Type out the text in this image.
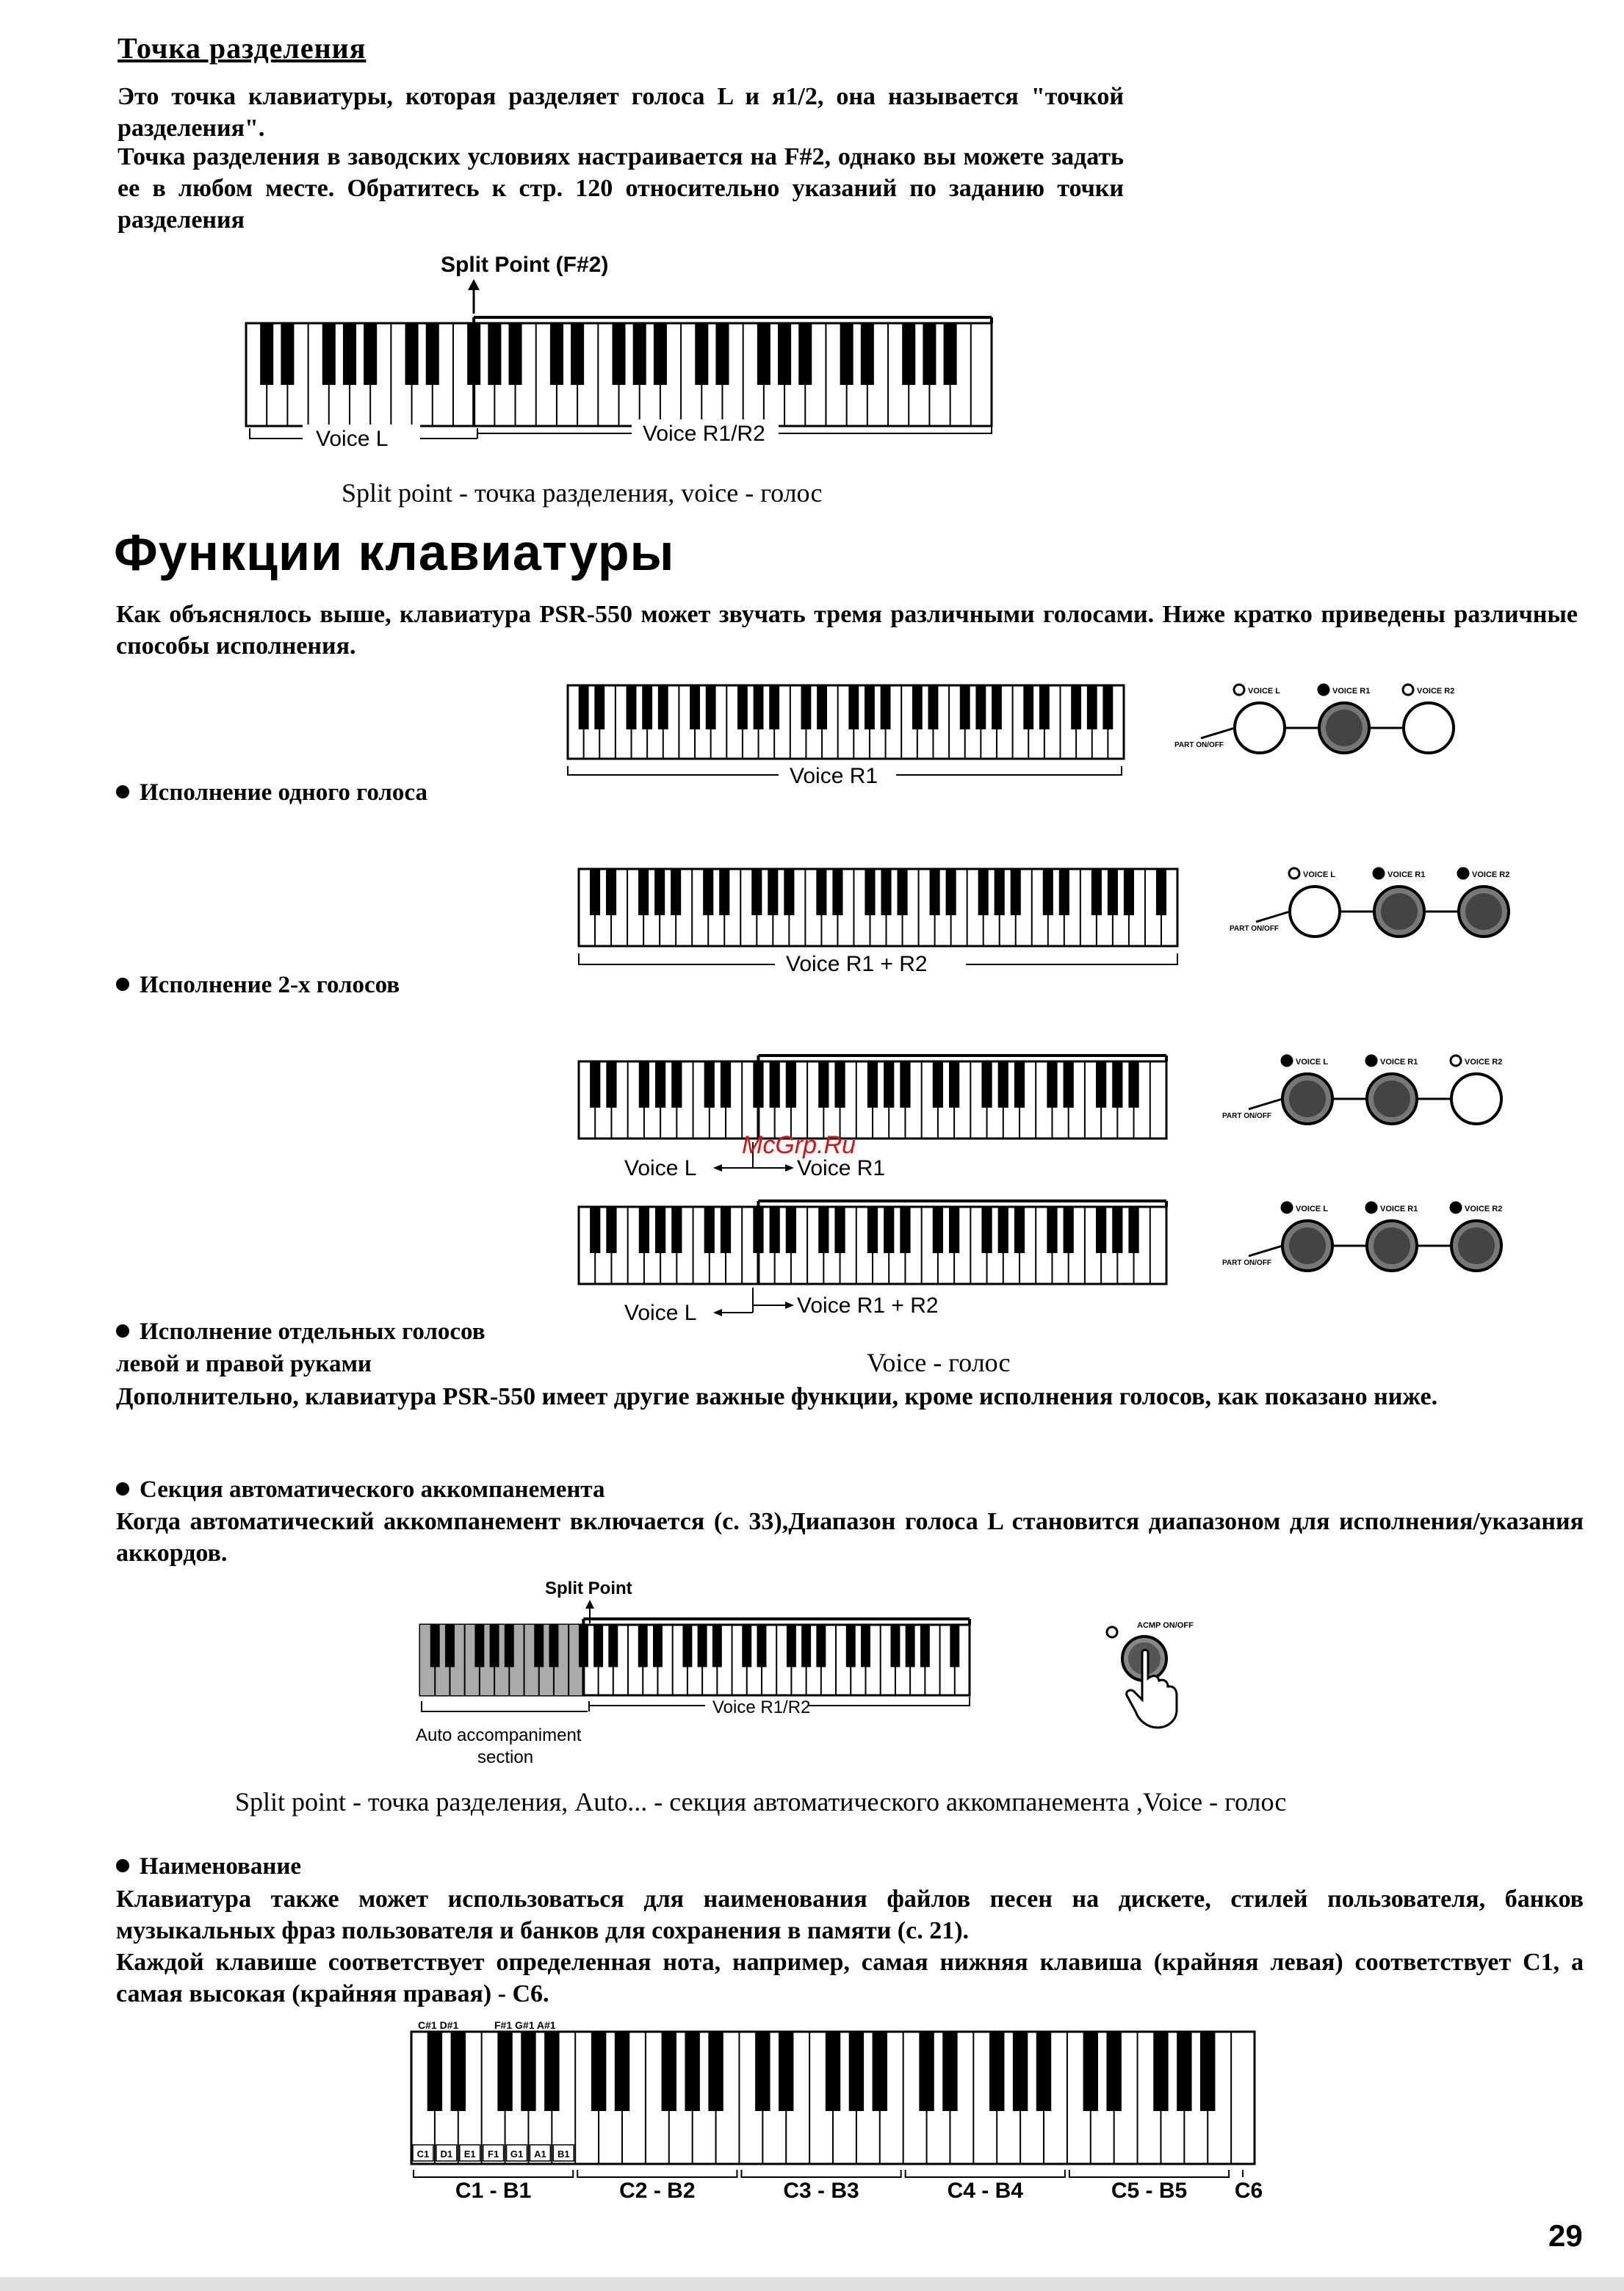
Точка разделения
Это точка клавиатуры, которая разделяет голоса L и я1/2, она называется "точкой разделения".
Точка разделения в заводских условиях настраивается на F#2, однако вы можете задать ее в любом месте. Обратитесь к стр. 120 относительно указаний по заданию точки разделения
Split Point (F#2)
Voice L	Voice R1/R2
Split point - точка разделения, voice - голос
Функции клавиатуры
Как объяснялось выше, клавиатура PSR-550 может звучать тремя различными голосами. Ниже кратко приведены различные способы исполнения.
Voice R1
PART ON/OFF
VOICE L	VOICE R1	VOICE R2
Исполнение одного голоса
Voice R1 + R2
PART ON/OFF
VOICE L	VOICE R1	VOICE R2
Исполнение 2-х голосов
Voice L	Voice R1
PART ON/OFF
VOICE L	VOICE R1	VOICE R2
McGrp.Ru
Voice L	Voice R1 + R2
PART ON/OFF
VOICE L	VOICE R1	VOICE R2
Исполнение отдельных голосов
левой и правой руками	Voice - голос
Дополнительно, клавиатура PSR-550 имеет другие важные функции, кроме исполнения голосов, как показано ниже.
Секция автоматического аккомпанемента
Когда автоматический аккомпанемент включается (с. 33),Диапазон голоса L становится диапазоном для исполнения/указания аккордов.
Split Point
Voice R1/R2
Auto accompaniment
section
ACMP ON/OFF
Split point - точка разделения, Auto... - секция автоматического аккомпанемента ,Voice - голос
Наименование
Клавиатура также может использоваться для наименования файлов песен на дискете, стилей пользователя, банков музыкальных фраз пользователя и банков для сохранения в памяти (с. 21).
Каждой клавише соответствует определенная нота, например, самая нижняя клавиша (крайняя левая) соответствует С1, а самая высокая (крайняя правая) - С6.
C#1 D#1	F#1 G#1 A#1
C1 D1 E1 F1 G1 A1 B1
C1 - B1	C2 - B2	C3 - B3	C4 - B4	C5 - B5 C6
29
